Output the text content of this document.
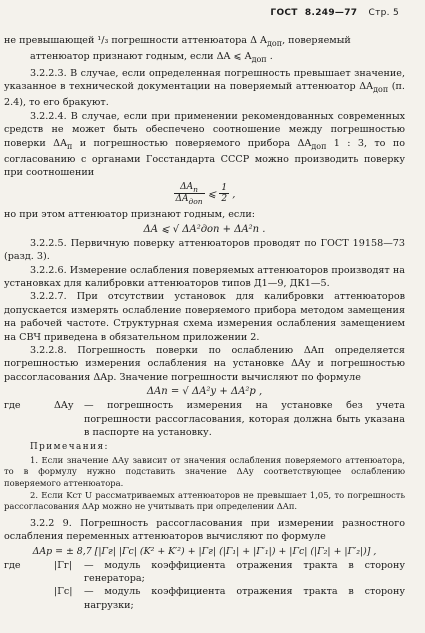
ГОСТ 8.249—77 Стр. 5

не превышающей ¹/₃ погрешности аттенюатора Δ $A_{доп}$, поверяемый

аттенюатор признают годным, если ΔA ⩽ $A_{доп}$ .

3.2.2.3. В случае, если определенная погрешность превышает значение, указанное в технической документации на поверяемый аттенюатор $\Delta A_{доп}$ (п. 2.4), то его бракуют.

3.2.2.4. В случае, если при применении рекомендованных современных средств не может быть обеспечено соотношение между погрешностью поверки $\Delta A_п$ и погрешностью поверяемого прибора $\Delta A_{доп}$ 1 : 3, то по согласованию с органами Госстандарта СССР можно производить поверку при соотношении

$\frac{\Delta A_п}{\Delta A_{доп}}$ ⩽ $\frac{1}{2}$ ,

но при этом аттенюатор признают годным, если:

ΔA ⩽ √ ΔA²доп + ΔA²п .

3.2.2.5. Первичную поверку аттенюаторов проводят по ГОСТ 19158—73 (разд. 3).

3.2.2.6. Измерение ослабления поверяемых аттенюаторов производят на установках для калибровки аттенюаторов типов Д1—9, ДК1—5.

3.2.2.7. При отсутствии установок для калибровки аттенюаторов допускается измерять ослабление поверяемого прибора методом замещения на рабочей частоте. Структурная схема измерения ослабления замещением на СВЧ приведена в обязательном приложении 2.

3.2.2.8. Погрешность поверки по ослаблению ΔAп определяется погрешностью измерения ослабления на установке ΔAу и погрешностью рассогласования ΔAр. Значение погрешности вычисляют по формуле

ΔAп = √ ΔA²у + ΔA²р ,
где	ΔAу	— погрешность измерения на установке без учета погрешности рассогласования, которая должна быть указана в паспорте на установку.

Примечания:

1. Если значение ΔAу зависит от значения ослабления поверяемого аттенюатора, то в формулу нужно подставить значение ΔAу соответствующее ослаблению поверяемого аттенюатора.

2. Если Kст U рассматриваемых аттенюаторов не превышает 1,05, то погрешность рассогласования ΔAр можно не учитывать при определении ΔAп.

3.2.2 9. Погрешность рассогласования при измерении разностного ослабления переменных аттенюаторов вычисляют по формуле

ΔAр = ± 8,7 [|Γг| |Γс| (K² + K′²) + |Γг| (|Γ₁| + |Γ′₁|) + |Γс| (|Γ₂| + |Γ′₂|)] ,
где	|Γг|	— модуль коэффициента отражения тракта в сторону генератора;
|Γс|	— модуль коэффициента отражения тракта в сторону нагрузки;
